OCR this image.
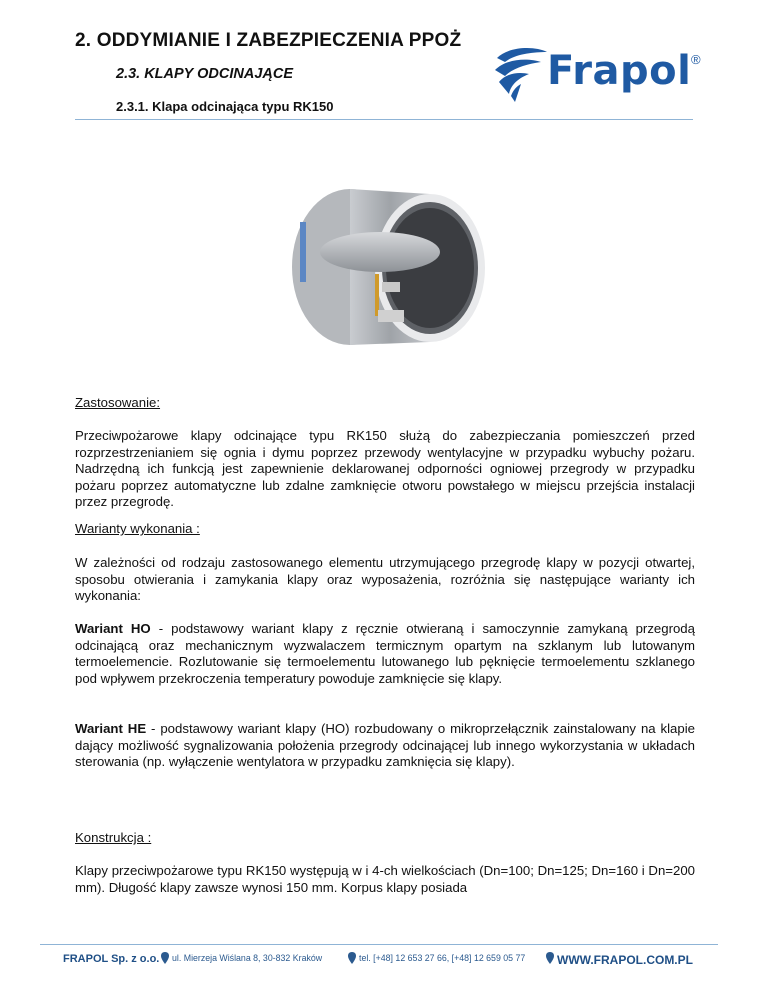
2. ODDYMIANIE I ZABEZPIECZENIA PPOŻ
2.3. KLAPY ODCINAJĄCE
2.3.1. Klapa odcinająca typu RK150
Frapol ®
Zastosowanie:
Przeciwpożarowe klapy odcinające typu RK150 służą do zabezpieczania pomieszczeń przed rozprzestrzenianiem się ognia i dymu poprzez przewody wentylacyjne w przypadku wybuchy pożaru. Nadrzędną ich funkcją jest zapewnienie deklarowanej odporności ogniowej przegrody w przypadku pożaru poprzez automatyczne lub zdalne zamknięcie otworu powstałego w miejscu przejścia instalacji przez przegrodę.
Warianty wykonania :
W zależności od rodzaju zastosowanego elementu utrzymującego przegrodę klapy w pozycji otwartej, sposobu otwierania i zamykania klapy oraz wyposażenia, rozróżnia się następujące warianty ich wykonania:
Wariant HO - podstawowy wariant klapy z ręcznie otwieraną i samoczynnie zamykaną przegrodą odcinającą oraz mechanicznym wyzwalaczem termicznym opartym na szklanym lub lutowanym termoelemencie. Rozlutowanie się termoelementu lutowanego lub pęknięcie termoelementu szklanego pod wpływem przekroczenia temperatury powoduje zamknięcie się klapy.
Wariant HE - podstawowy wariant klapy (HO) rozbudowany o mikroprzełącznik zainstalowany na klapie dający możliwość sygnalizowania położenia przegrody odcinającej lub innego wykorzystania w układach sterowania (np. wyłączenie wentylatora w przypadku zamknięcia się klapy).
Konstrukcja :
Klapy przeciwpożarowe typu RK150 występują w i 4-ch wielkościach (Dn=100; Dn=125; Dn=160 i Dn=200 mm). Długość klapy zawsze wynosi 150 mm. Korpus klapy posiada
FRAPOL Sp. z o.o. ul. Mierzeja Wiślana 8, 30-832 Kraków	tel. [+48] 12 653 27 66, [+48] 12 659 05 77	WWW.FRAPOL.COM.PL
